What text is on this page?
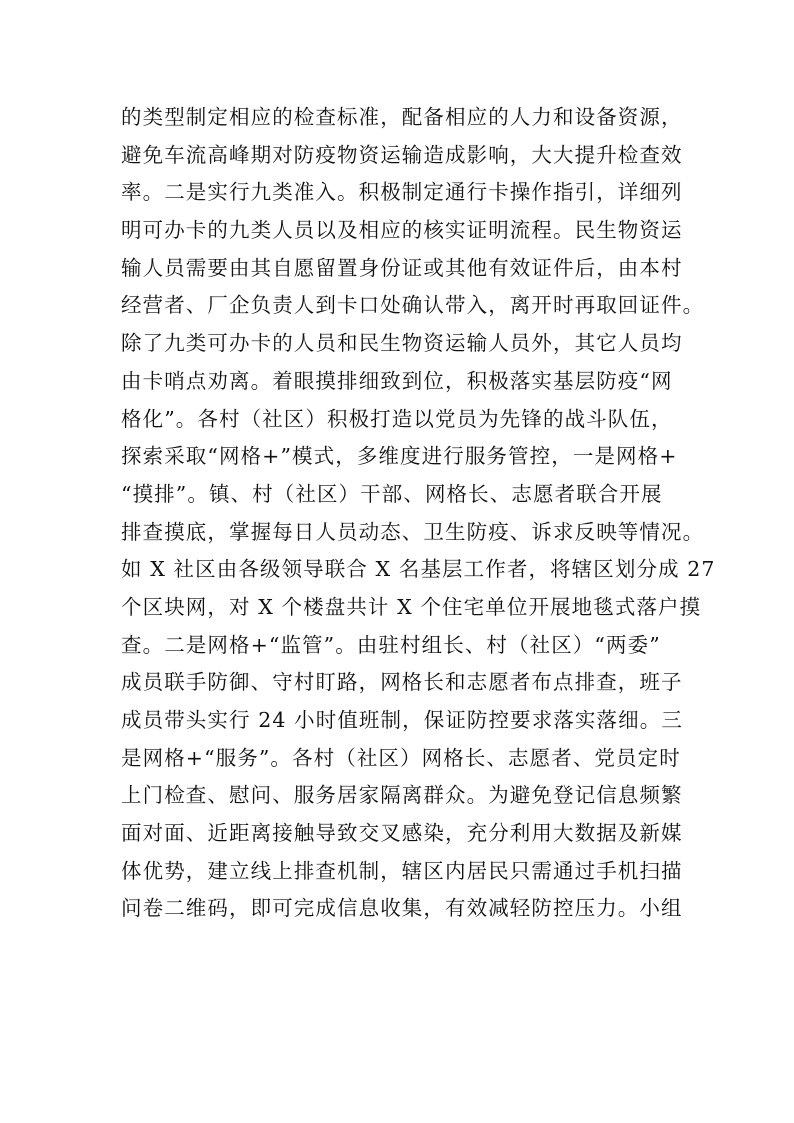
的类型制定相应的检查标准，配备相应的人力和设备资源，
避免车流高峰期对防疫物资运输造成影响，大大提升检查效
率。二是实行九类准入。积极制定通行卡操作指引，详细列
明可办卡的九类人员以及相应的核实证明流程。民生物资运
输人员需要由其自愿留置身份证或其他有效证件后，由本村
经营者、厂企负责人到卡口处确认带入，离开时再取回证件。
除了九类可办卡的人员和民生物资运输人员外，其它人员均
由卡哨点劝离。着眼摸排细致到位，积极落实基层防疫“网
格化”。各村（社区）积极打造以党员为先锋的战斗队伍，
探索采取“网格+”模式，多维度进行服务管控，一是网格+
“摸排”。镇、村（社区）干部、网格长、志愿者联合开展
排查摸底，掌握每日人员动态、卫生防疫、诉求反映等情况。
如 X 社区由各级领导联合 X 名基层工作者，将辖区划分成 27
个区块网，对 X 个楼盘共计 X 个住宅单位开展地毯式落户摸
查。二是网格+“监管”。由驻村组长、村（社区）“两委”
成员联手防御、守村盯路，网格长和志愿者布点排查，班子
成员带头实行 24 小时值班制，保证防控要求落实落细。三
是网格+“服务”。各村（社区）网格长、志愿者、党员定时
上门检查、慰问、服务居家隔离群众。为避免登记信息频繁
面对面、近距离接触导致交叉感染，充分利用大数据及新媒
体优势，建立线上排查机制，辖区内居民只需通过手机扫描
问卷二维码，即可完成信息收集，有效减轻防控压力。小组
